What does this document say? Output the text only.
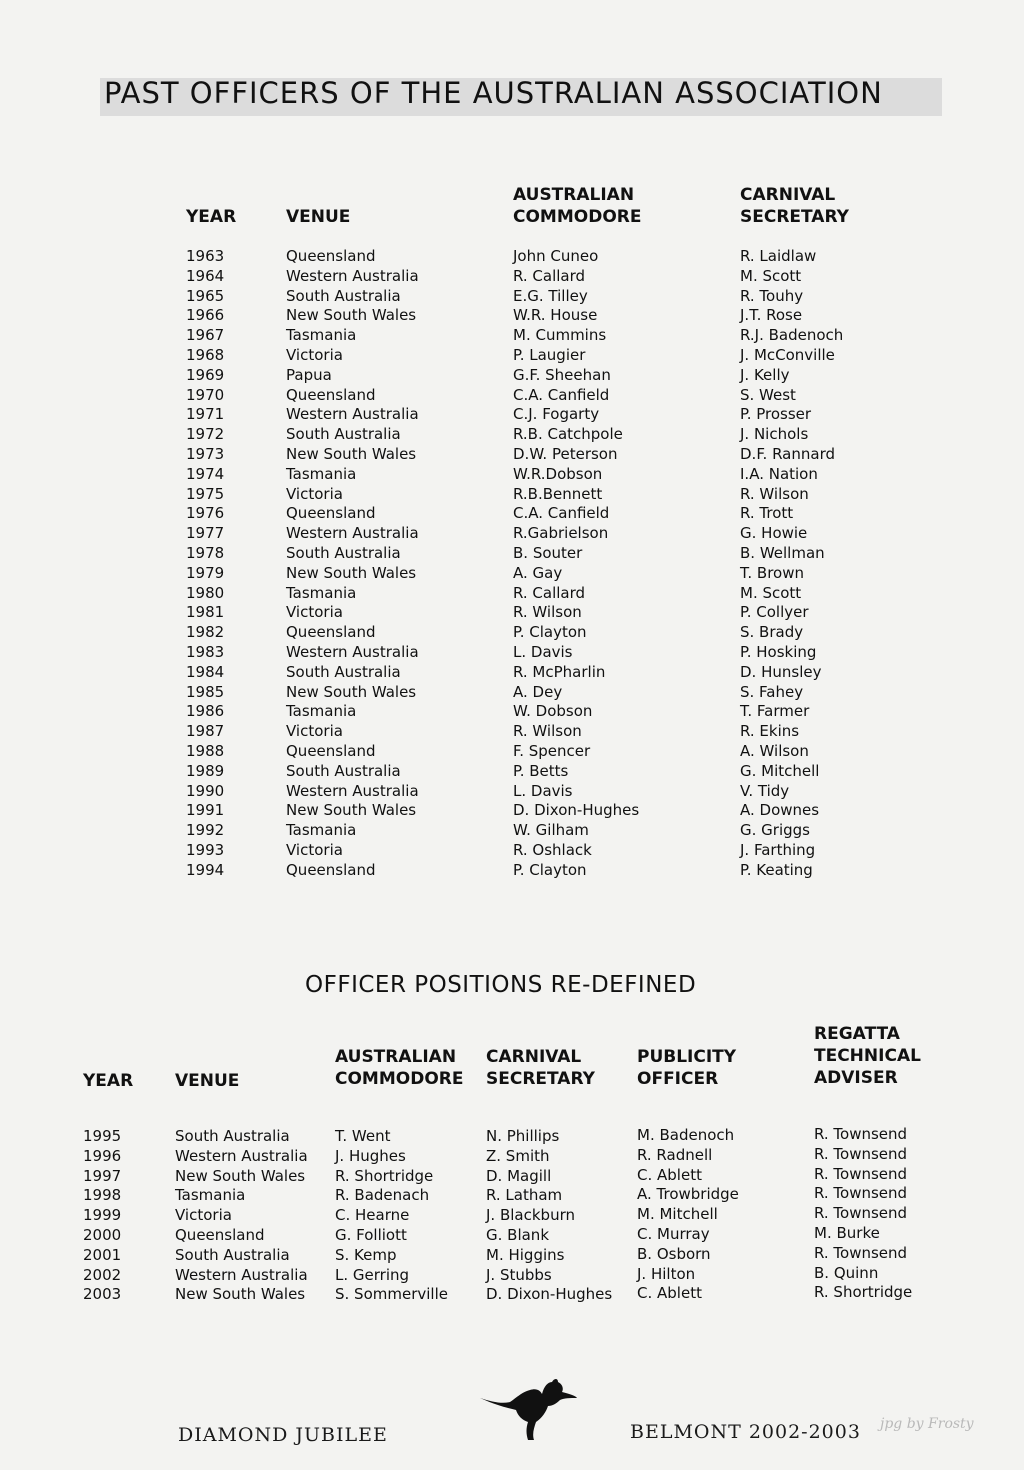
PAST OFFICERS OF THE AUSTRALIAN ASSOCIATION
YEAR	VENUE
AUSTRALIAN
COMMODORE
CARNIVAL
SECRETARY
1963
1964
1965
1966
1967
1968
1969
1970
1971
1972
1973
1974
1975
1976
1977
1978
1979
1980
1981
1982
1983
1984
1985
1986
1987
1988
1989
1990
1991
1992
1993
1994
Queensland
Western Australia
South Australia
New South Wales
Tasmania
Victoria
Papua
Queensland
Western Australia
South Australia
New South Wales
Tasmania
Victoria
Queensland
Western Australia
South Australia
New South Wales
Tasmania
Victoria
Queensland
Western Australia
South Australia
New South Wales
Tasmania
Victoria
Queensland
South Australia
Western Australia
New South Wales
Tasmania
Victoria
Queensland
John Cuneo
R. Callard
E.G. Tilley
W.R. House
M. Cummins
P. Laugier
G.F. Sheehan
C.A. Canfield
C.J. Fogarty
R.B. Catchpole
D.W. Peterson
W.R.Dobson
R.B.Bennett
C.A. Canfield
R.Gabrielson
B. Souter
A. Gay
R. Callard
R. Wilson
P. Clayton
L. Davis
R. McPharlin
A. Dey
W. Dobson
R. Wilson
F. Spencer
P. Betts
L. Davis
D. Dixon-Hughes
W. Gilham
R. Oshlack
P. Clayton
R. Laidlaw
M. Scott
R. Touhy
J.T. Rose
R.J. Badenoch
J. McConville
J. Kelly
S. West
P. Prosser
J. Nichols
D.F. Rannard
I.A. Nation
R. Wilson
R. Trott
G. Howie
B. Wellman
T. Brown
M. Scott
P. Collyer
S. Brady
P. Hosking
D. Hunsley
S. Fahey
T. Farmer
R. Ekins
A. Wilson
G. Mitchell
V. Tidy
A. Downes
G. Griggs
J. Farthing
P. Keating
OFFICER POSITIONS RE-DEFINED
YEAR VENUE
AUSTRALIAN
COMMODORE
CARNIVAL
SECRETARY
PUBLICITY
OFFICER
REGATTA
TECHNICAL
ADVISER
1995
1996
1997
1998
1999
2000
2001
2002
2003
South Australia
Western Australia
New South Wales
Tasmania
Victoria
Queensland
South Australia
Western Australia
New South Wales
T. Went
J. Hughes
R. Shortridge
R. Badenach
C. Hearne
G. Folliott
S. Kemp
L. Gerring
S. Sommerville
N. Phillips
Z. Smith
D. Magill
R. Latham
J. Blackburn
G. Blank
M. Higgins
J. Stubbs
D. Dixon-Hughes
M. Badenoch
R. Radnell
C. Ablett
A. Trowbridge
M. Mitchell
C. Murray
B. Osborn
J. Hilton
C. Ablett
R. Townsend
R. Townsend
R. Townsend
R. Townsend
R. Townsend
M. Burke
R. Townsend
B. Quinn
R. Shortridge
DIAMOND JUBILEE	BELMONT 2002-2003 jpg by Frosty
